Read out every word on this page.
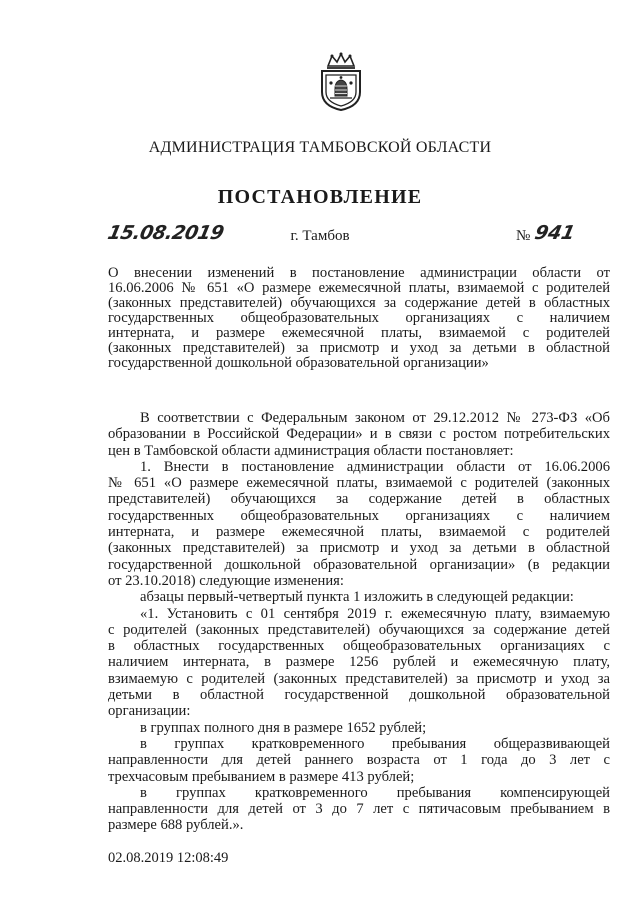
АДМИНИСТРАЦИЯ ТАМБОВСКОЙ ОБЛАСТИ
ПОСТАНОВЛЕНИЕ
15.08.2019	г. Тамбов	№ 941
О внесении изменений в постановление администрации области от
16.06.2006 № 651 «О размере ежемесячной платы, взимаемой с родителей
(законных представителей) обучающихся за содержание детей в областных
государственных общеобразовательных организациях с наличием
интерната, и размере ежемесячной платы, взимаемой с родителей
(законных представителей) за присмотр и уход за детьми в областной
государственной дошкольной образовательной организации»
В соответствии с Федеральным законом от 29.12.2012 № 273-ФЗ «Об
образовании в Российской Федерации» и в связи с ростом потребительских
цен в Тамбовской области администрация области постановляет:
1. Внести в постановление администрации области от 16.06.2006
№ 651 «О размере ежемесячной платы, взимаемой с родителей (законных
представителей) обучающихся за содержание детей в областных
государственных общеобразовательных организациях с наличием
интерната, и размере ежемесячной платы, взимаемой с родителей
(законных представителей) за присмотр и уход за детьми в областной
государственной дошкольной образовательной организации» (в редакции
от 23.10.2018) следующие изменения:
абзацы первый-четвертый пункта 1 изложить в следующей редакции:
«1. Установить с 01 сентября 2019 г. ежемесячную плату, взимаемую
с родителей (законных представителей) обучающихся за содержание детей
в областных государственных общеобразовательных организациях с
наличием интерната, в размере 1256 рублей и ежемесячную плату,
взимаемую с родителей (законных представителей) за присмотр и уход за
детьми в областной государственной дошкольной образовательной
организации:
в группах полного дня в размере 1652 рублей;
в группах кратковременного пребывания общеразвивающей
направленности для детей раннего возраста от 1 года до 3 лет с
трехчасовым пребыванием в размере 413 рублей;
в группах кратковременного пребывания компенсирующей
направленности для детей от 3 до 7 лет с пятичасовым пребыванием в
размере 688 рублей.».
02.08.2019 12:08:49
